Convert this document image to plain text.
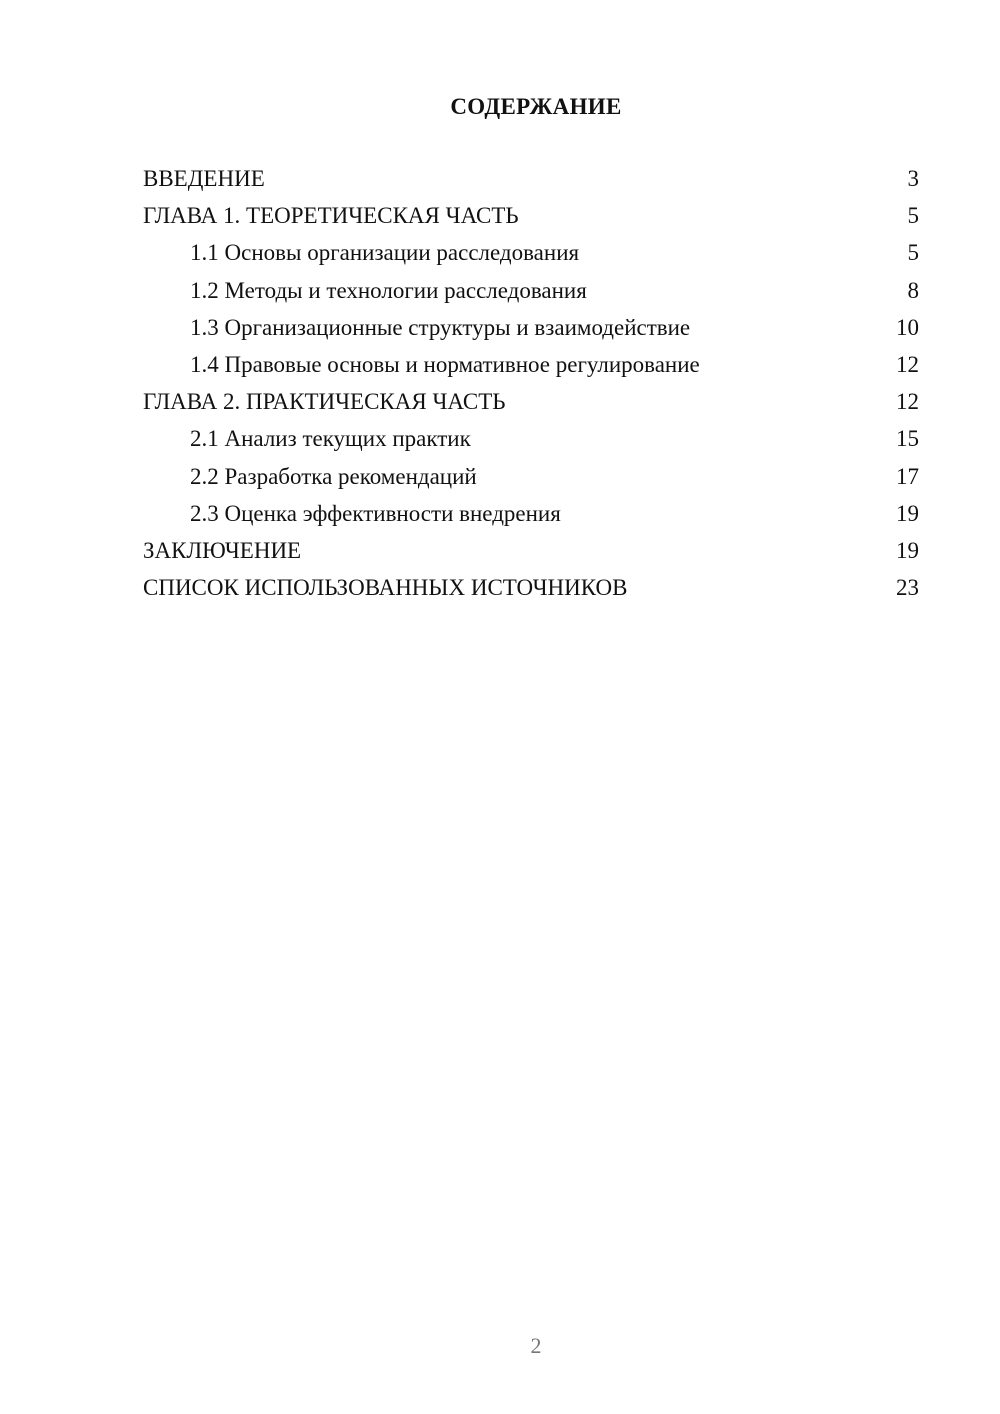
СОДЕРЖАНИЕ
ВВЕДЕНИЕ	3
ГЛАВА 1. ТЕОРЕТИЧЕСКАЯ ЧАСТЬ	5
1.1 Основы организации расследования	5
1.2 Методы и технологии расследования	8
1.3 Организационные структуры и взаимодействие	10
1.4 Правовые основы и нормативное регулирование	12
ГЛАВА 2. ПРАКТИЧЕСКАЯ ЧАСТЬ	12
2.1 Анализ текущих практик	15
2.2 Разработка рекомендаций	17
2.3 Оценка эффективности внедрения	19
ЗАКЛЮЧЕНИЕ	19
СПИСОК ИСПОЛЬЗОВАННЫХ ИСТОЧНИКОВ	23
2
